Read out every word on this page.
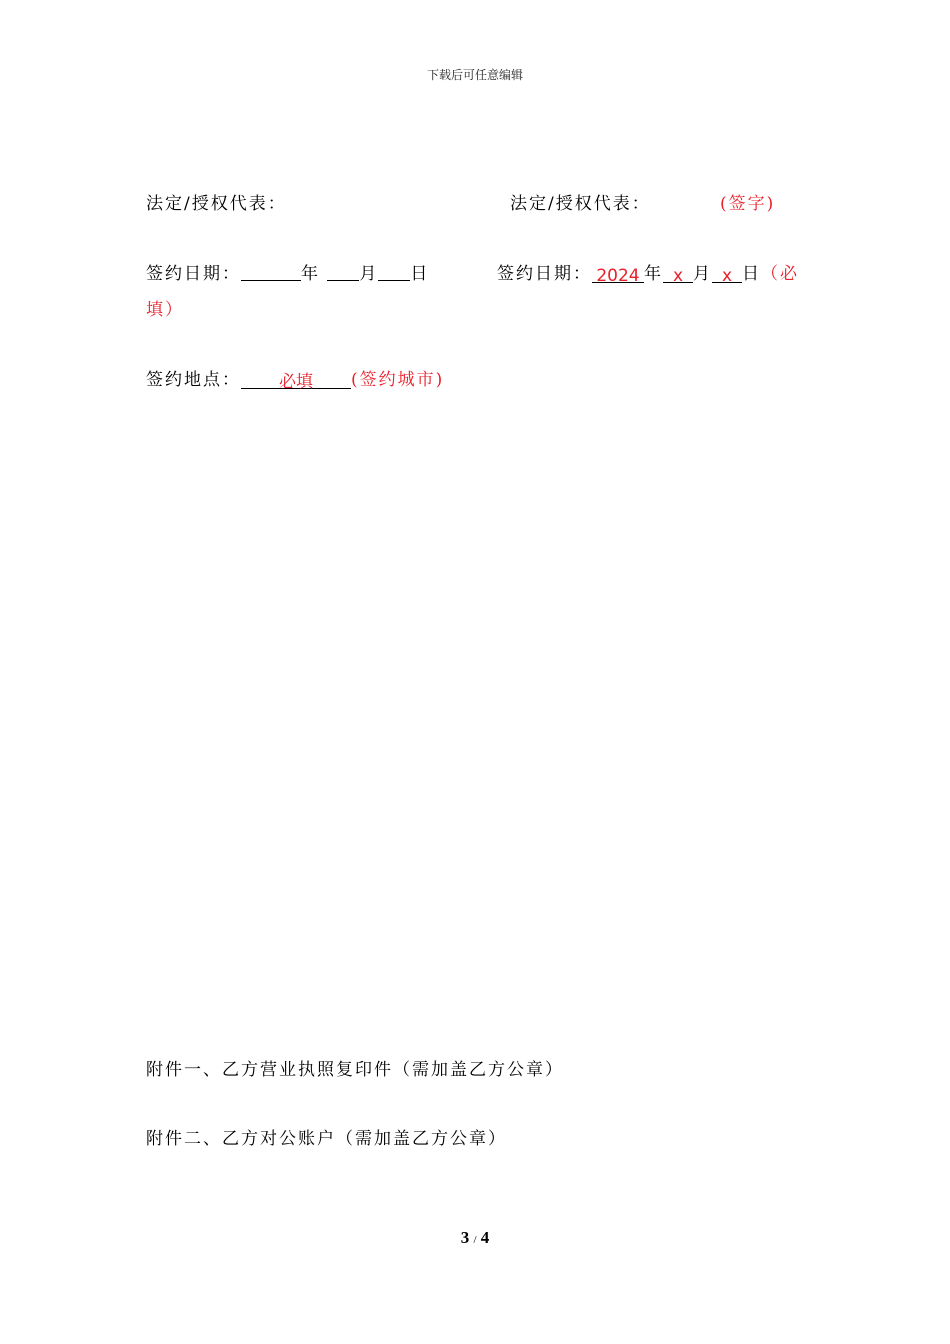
下载后可任意编辑
法定/授权代表：	法定/授权代表：	(签字)
签约日期：	年 月 日	签约日期： 2024 年 x 月 x 日（必
填）
签约地点： 必填 (签约城市)
附件一、乙方营业执照复印件（需加盖乙方公章）
附件二、乙方对公账户（需加盖乙方公章）
3 / 4
